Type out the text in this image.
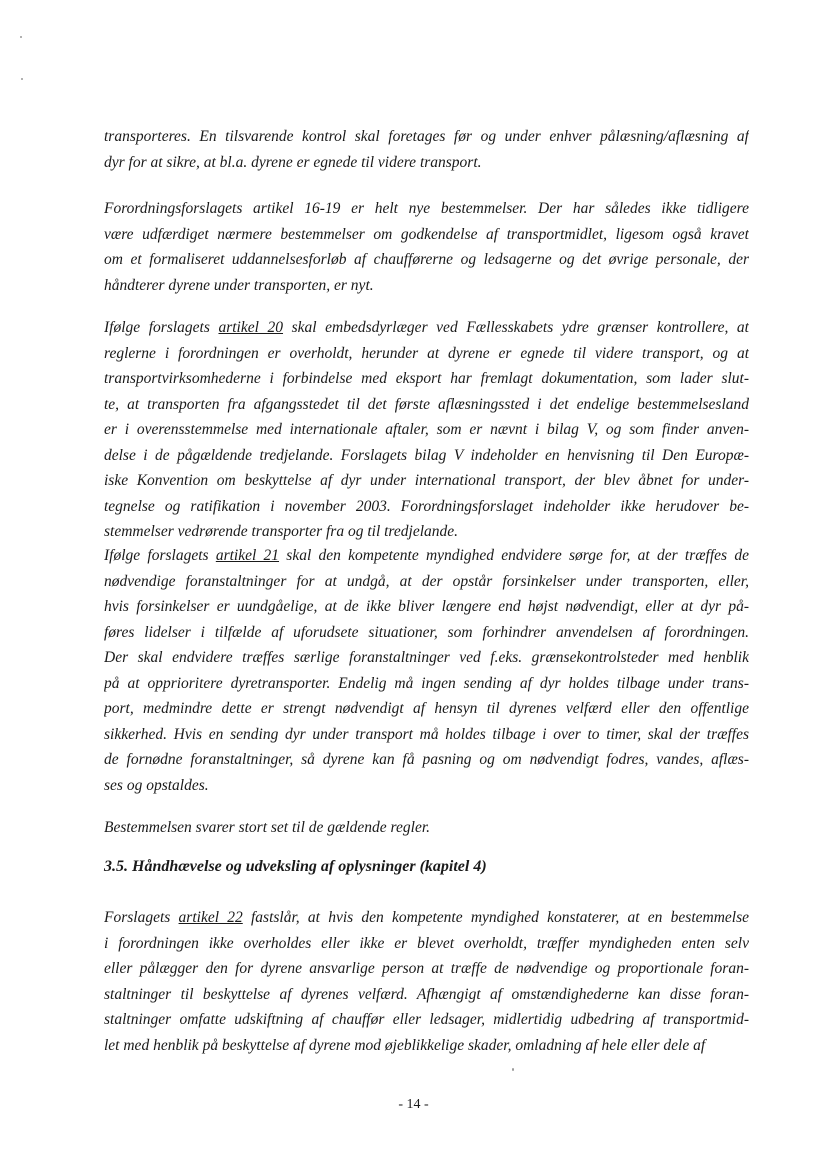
transporteres. En tilsvarende kontrol skal foretages før og under enhver pålæsning/aflæsning af
dyr for at sikre, at bl.a. dyrene er egnede til videre transport.
Forordningsforslagets artikel 16-19 er helt nye bestemmelser. Der har således ikke tidligere
være udfærdiget nærmere bestemmelser om godkendelse af transportmidlet, ligesom også kravet
om et formaliseret uddannelsesforløb af chaufførerne og ledsagerne og det øvrige personale, der
håndterer dyrene under transporten, er nyt.
Ifølge forslagets artikel 20 skal embedsdyrlæger ved Fællesskabets ydre grænser kontrollere, at
reglerne i forordningen er overholdt, herunder at dyrene er egnede til videre transport, og at
transportvirksomhederne i forbindelse med eksport har fremlagt dokumentation, som lader slut-
te, at transporten fra afgangsstedet til det første aflæsningssted i det endelige bestemmelsesland
er i overensstemmelse med internationale aftaler, som er nævnt i bilag V, og som finder anven-
delse i de pågældende tredjelande. Forslagets bilag V indeholder en henvisning til Den Europæ-
iske Konvention om beskyttelse af dyr under international transport, der blev åbnet for under-
tegnelse og ratifikation i november 2003. Forordningsforslaget indeholder ikke herudover be-
stemmelser vedrørende transporter fra og til tredjelande.
Ifølge forslagets artikel 21 skal den kompetente myndighed endvidere sørge for, at der træffes de
nødvendige foranstaltninger for at undgå, at der opstår forsinkelser under transporten, eller,
hvis forsinkelser er uundgåelige, at de ikke bliver længere end højst nødvendigt, eller at dyr på-
føres lidelser i tilfælde af uforudsete situationer, som forhindrer anvendelsen af forordningen.
Der skal endvidere træffes særlige foranstaltninger ved f.eks. grænsekontrolsteder med henblik
på at opprioritere dyretransporter. Endelig må ingen sending af dyr holdes tilbage under trans-
port, medmindre dette er strengt nødvendigt af hensyn til dyrenes velfærd eller den offentlige
sikkerhed. Hvis en sending dyr under transport må holdes tilbage i over to timer, skal der træffes
de fornødne foranstaltninger, så dyrene kan få pasning og om nødvendigt fodres, vandes, aflæs-
ses og opstaldes.
Bestemmelsen svarer stort set til de gældende regler.
3.5. Håndhævelse og udveksling af oplysninger (kapitel 4)
Forslagets artikel 22 fastslår, at hvis den kompetente myndighed konstaterer, at en bestemmelse
i forordningen ikke overholdes eller ikke er blevet overholdt, træffer myndigheden enten selv
eller pålægger den for dyrene ansvarlige person at træffe de nødvendige og proportionale foran-
staltninger til beskyttelse af dyrenes velfærd. Afhængigt af omstændighederne kan disse foran-
staltninger omfatte udskiftning af chauffør eller ledsager, midlertidig udbedring af transportmid-
let med henblik på beskyttelse af dyrene mod øjeblikkelige skader, omladning af hele eller dele af
- 14 -
